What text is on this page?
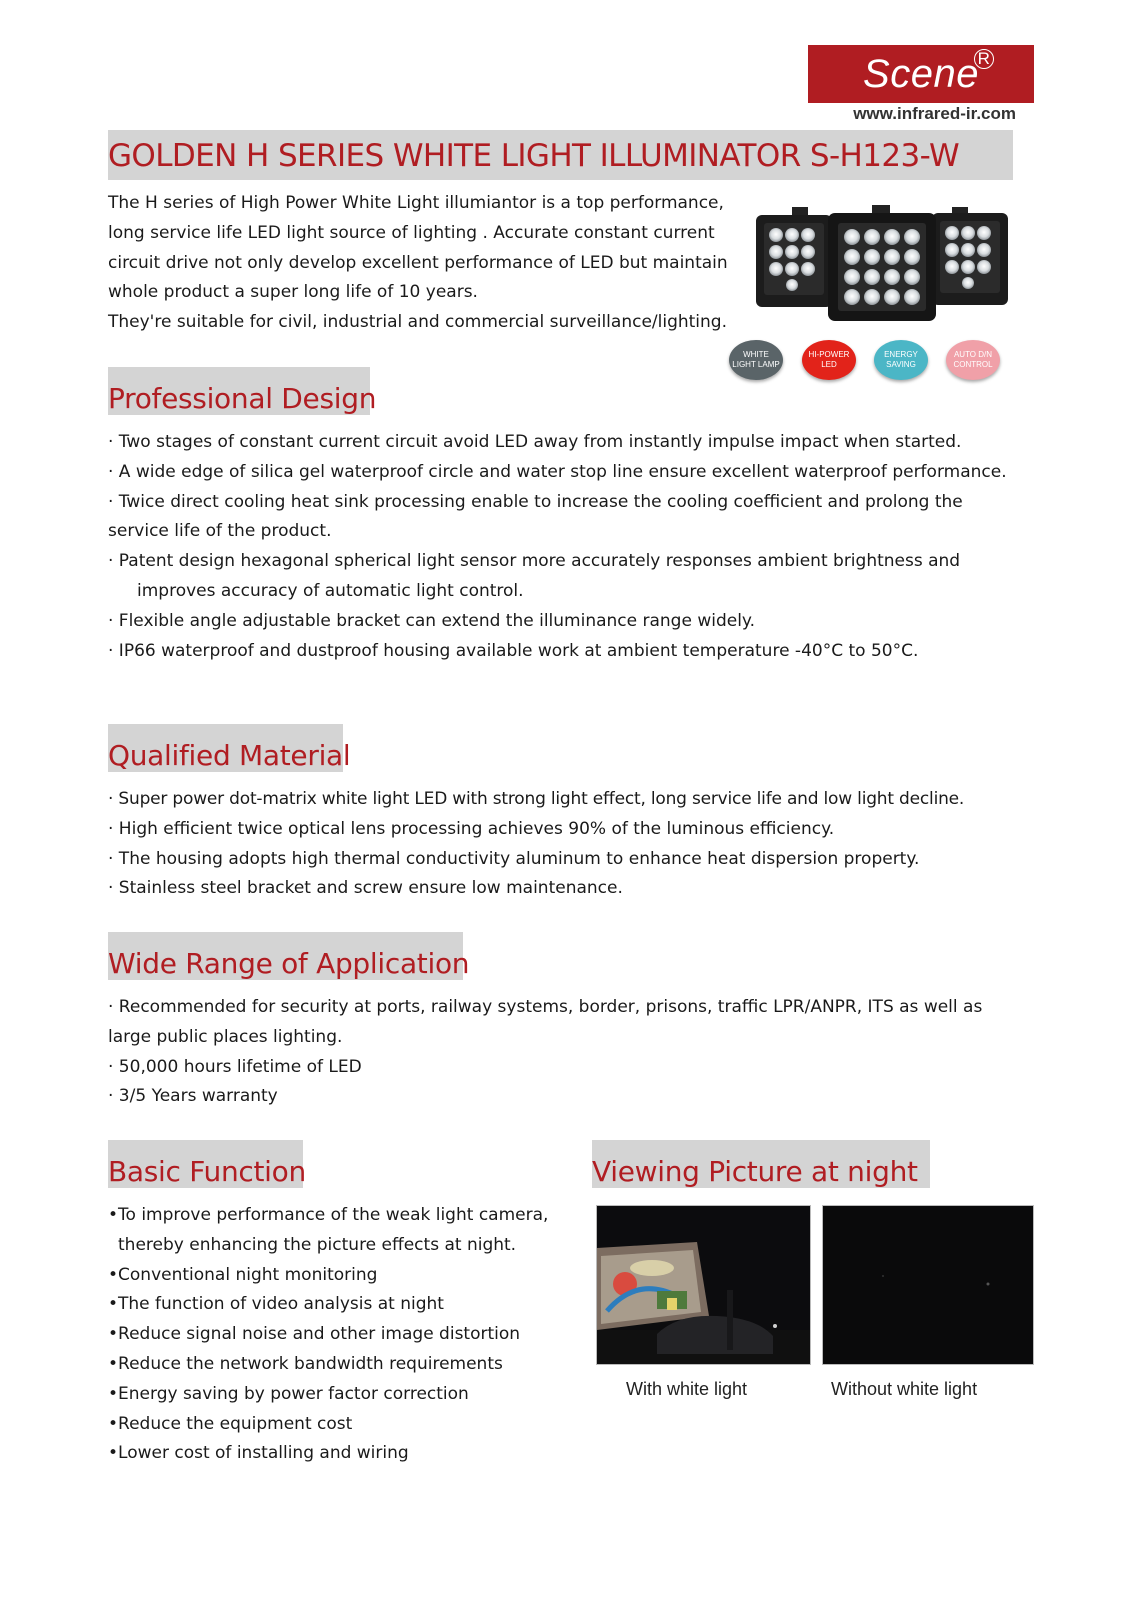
Scene
R
www.infrared-ir.com
GOLDEN H SERIES WHITE LIGHT ILLUMINATOR S-H123-W
The H series of High Power White Light illumiantor is a top performance,
long service life LED light source of lighting . Accurate constant current
circuit drive not only develop excellent performance of LED but maintain
whole product a super long life of 10 years.
They're suitable for civil, industrial and commercial surveillance/lighting.
WHITE
LIGHT LAMP
HI-POWER
LED
ENERGY
SAVING
AUTO D/N
CONTROL
Professional Design
· Two stages of constant current circuit avoid LED away from instantly impulse impact when started.
· A wide edge of silica gel waterproof circle and water stop line ensure excellent waterproof performance.
· Twice direct cooling heat sink processing enable to increase the cooling coefficient and prolong the service life of the product.
· Patent design hexagonal spherical light sensor more accurately responses ambient brightness and
improves accuracy of automatic light control.
· Flexible angle adjustable bracket can extend the illuminance range widely.
· IP66 waterproof and dustproof housing available work at ambient temperature -40°C to 50°C.
Qualified Material
· Super power dot-matrix white light LED with strong light effect, long service life and low light decline.
· High efficient twice optical lens processing achieves 90% of the luminous efficiency.
· The housing adopts high thermal conductivity aluminum to enhance heat dispersion property.
· Stainless steel bracket and screw ensure low maintenance.
Wide Range of Application
· Recommended for security at ports, railway systems, border, prisons, traffic LPR/ANPR, ITS as well as large public places lighting.
· 50,000 hours lifetime of LED
· 3/5 Years warranty
Basic Function
•To improve performance of the weak light camera,
thereby enhancing the picture effects at night.
•Conventional night monitoring
•The function of video analysis at night
•Reduce signal noise and other image distortion
•Reduce the network bandwidth requirements
•Energy saving by power factor correction
•Reduce the equipment cost
•Lower cost of installing and wiring
Viewing Picture at night
With white light	Without white light
